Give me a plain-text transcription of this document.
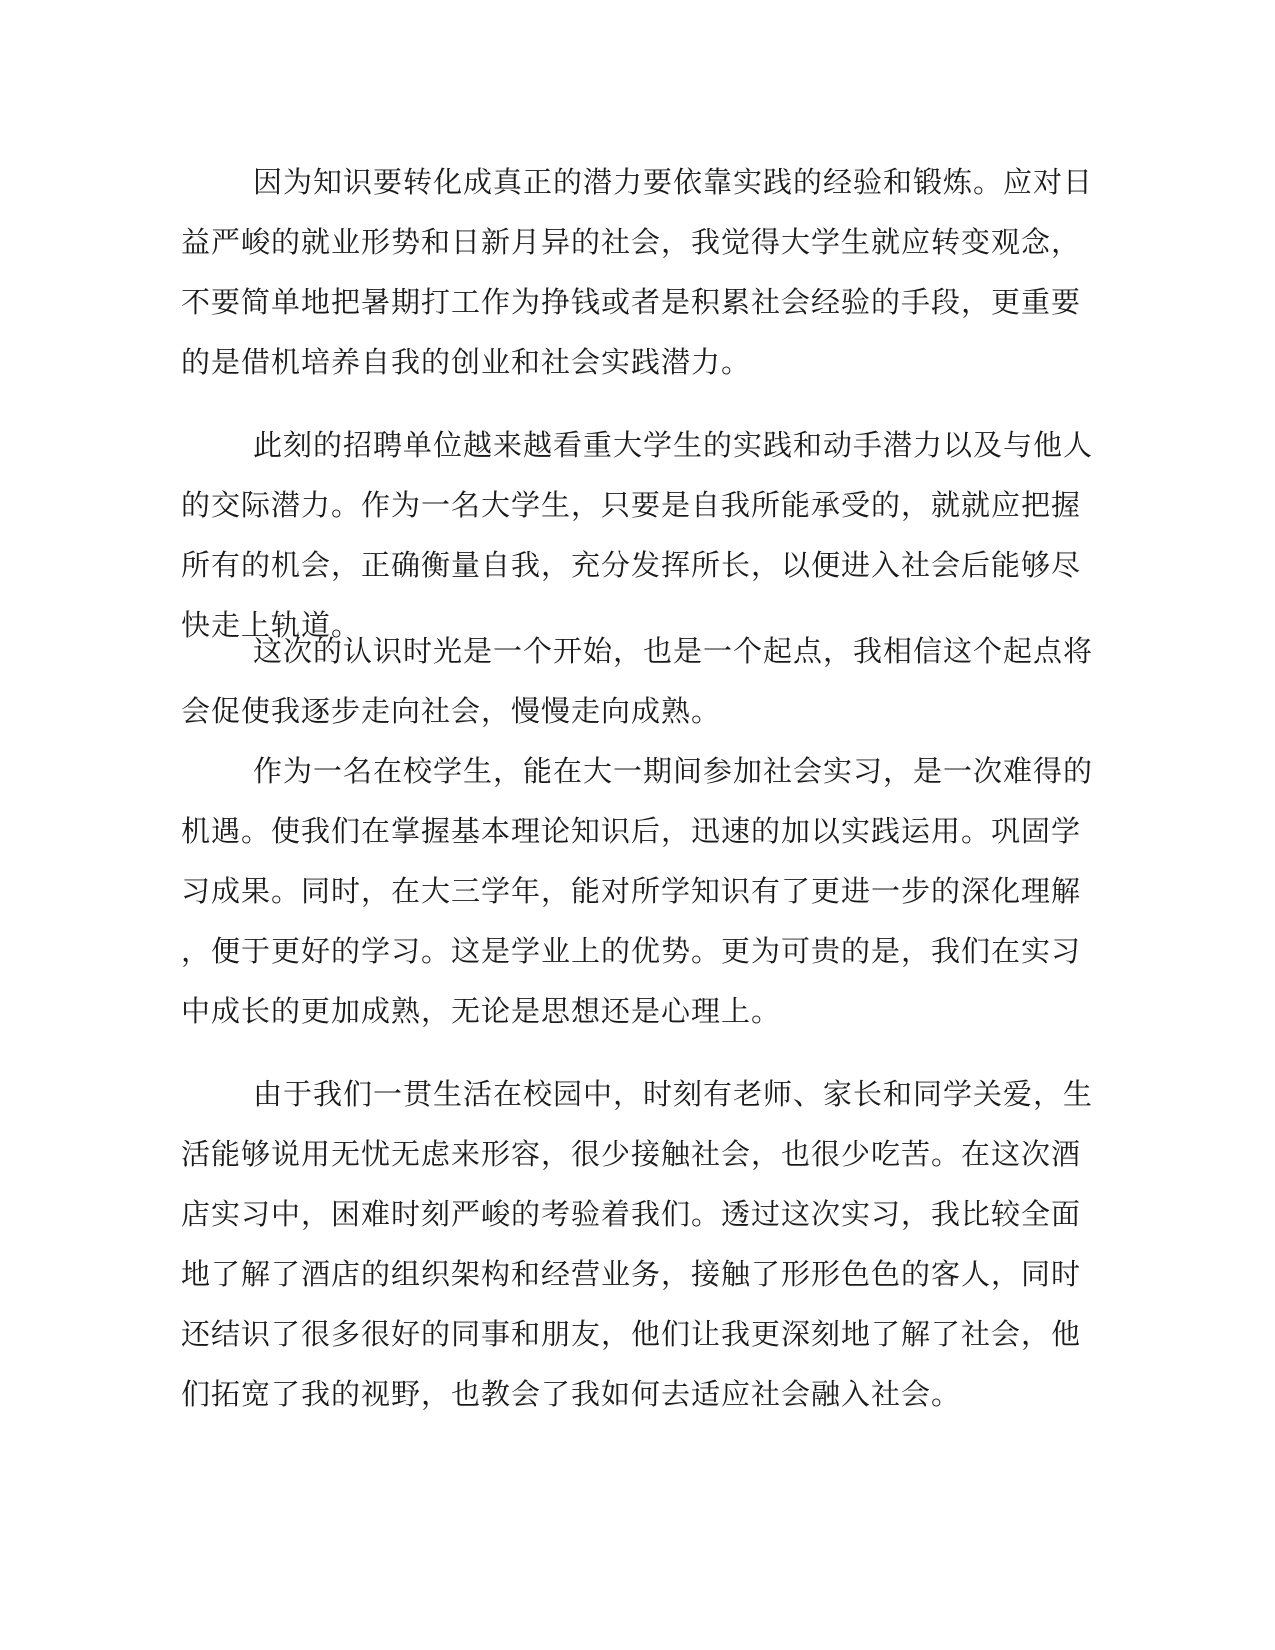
因为知识要转化成真正的潜力要依靠实践的经验和锻炼。应对日
益严峻的就业形势和日新月异的社会，我觉得大学生就应转变观念，
不要简单地把暑期打工作为挣钱或者是积累社会经验的手段，更重要
的是借机培养自我的创业和社会实践潜力。

此刻的招聘单位越来越看重大学生的实践和动手潜力以及与他人
的交际潜力。作为一名大学生，只要是自我所能承受的，就就应把握
所有的机会，正确衡量自我，充分发挥所长，以便进入社会后能够尽
快走上轨道。

这次的认识时光是一个开始，也是一个起点，我相信这个起点将
会促使我逐步走向社会，慢慢走向成熟。

作为一名在校学生，能在大一期间参加社会实习，是一次难得的
机遇。使我们在掌握基本理论知识后，迅速的加以实践运用。巩固学
习成果。同时，在大三学年，能对所学知识有了更进一步的深化理解
，便于更好的学习。这是学业上的优势。更为可贵的是，我们在实习
中成长的更加成熟，无论是思想还是心理上。

由于我们一贯生活在校园中，时刻有老师、家长和同学关爱，生
活能够说用无忧无虑来形容，很少接触社会，也很少吃苦。在这次酒
店实习中，困难时刻严峻的考验着我们。透过这次实习，我比较全面
地了解了酒店的组织架构和经营业务，接触了形形色色的客人，同时
还结识了很多很好的同事和朋友，他们让我更深刻地了解了社会，他
们拓宽了我的视野，也教会了我如何去适应社会融入社会。
